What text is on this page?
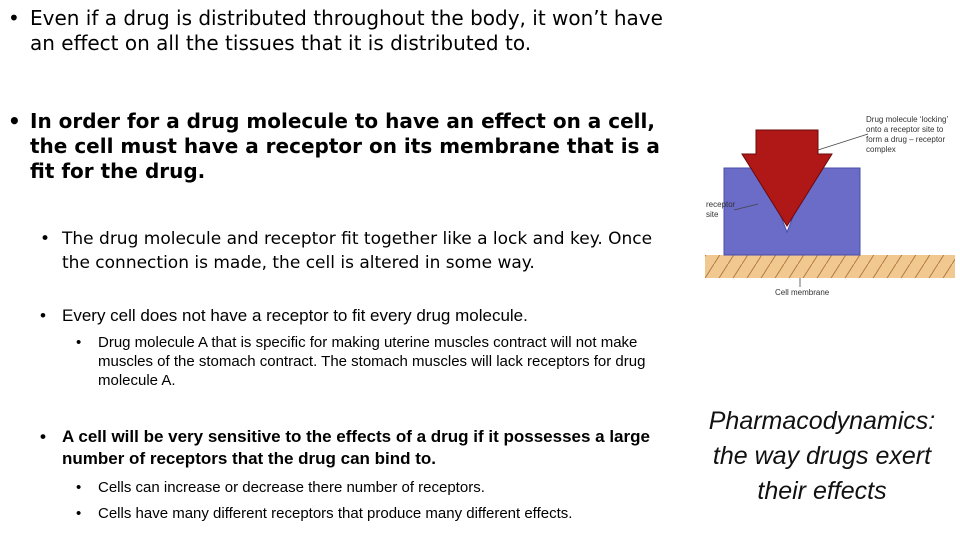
• Even if a drug is distributed throughout the body, it won’t have an effect on all the tissues that it is distributed to.

• In order for a drug molecule to have an effect on a cell, the cell must have a receptor on its membrane that is a fit for the drug.

• The drug molecule and receptor fit together like a lock and key. Once the connection is made, the cell is altered in some way.

• Every cell does not have a receptor to fit every drug molecule.

• Drug molecule A that is specific for making uterine muscles contract will not make muscles of the stomach contract. The stomach muscles will lack receptors for drug molecule A.

• A cell will be very sensitive to the effects of a drug if it possesses a large number of receptors that the drug can bind to.

• Cells can increase or decrease there number of receptors.

• Cells have many different receptors that produce many different effects.

Drug molecule ‘locking’
onto a receptor site to
form a drug – receptor
complex
receptor
site
Cell membrane
Pharmacodynamics:
the way drugs exert
their effects
